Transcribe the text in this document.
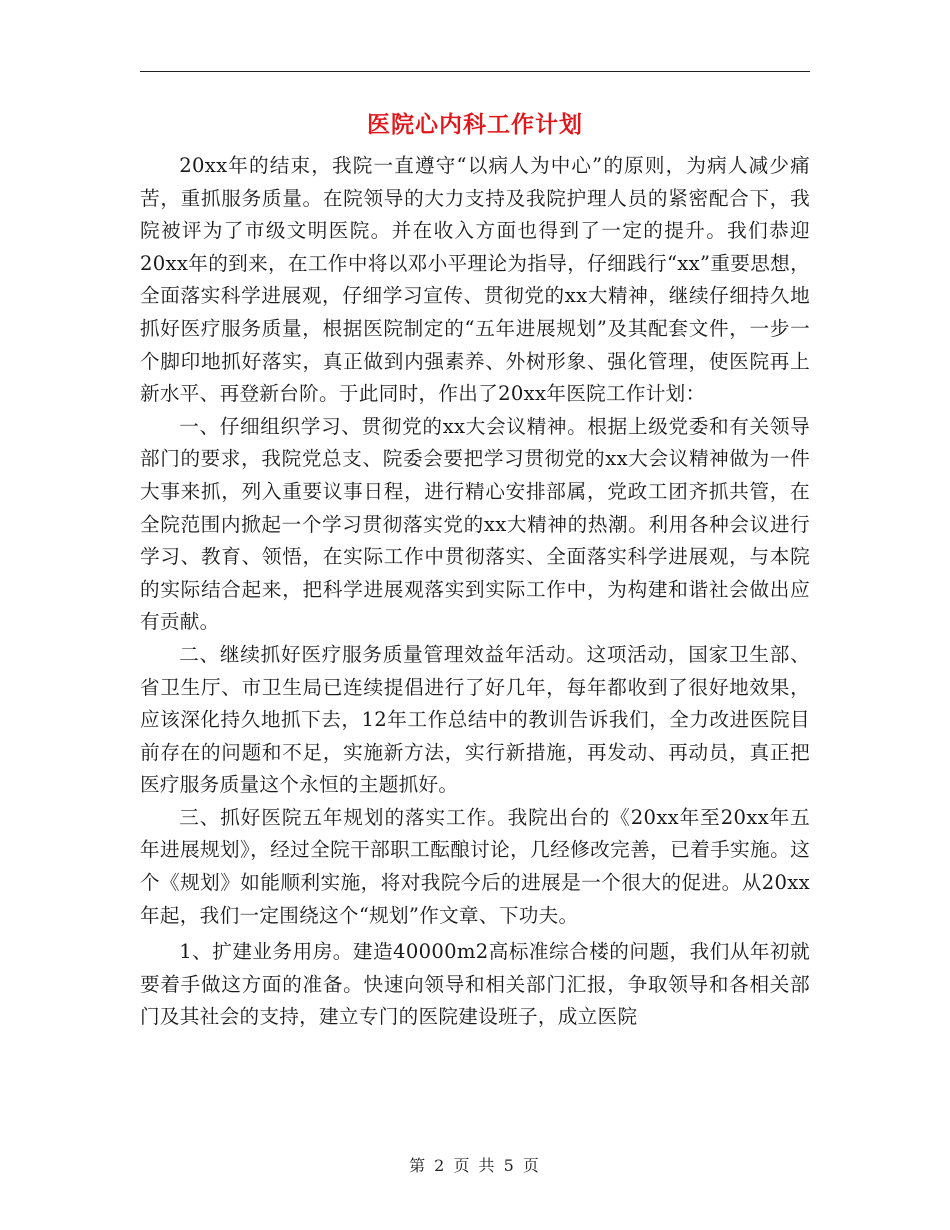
医院心内科工作计划

20xx年的结束，我院一直遵守“以病人为中心”的原则，为病人减少痛苦，重抓服务质量。在院领导的大力支持及我院护理人员的紧密配合下，我院被评为了市级文明医院。并在收入方面也得到了一定的提升。我们恭迎20xx年的到来，在工作中将以邓小平理论为指导，仔细践行“xx”重要思想，全面落实科学进展观，仔细学习宣传、贯彻党的xx大精神，继续仔细持久地抓好医疗服务质量，根据医院制定的“五年进展规划”及其配套文件，一步一个脚印地抓好落实，真正做到内强素养、外树形象、强化管理，使医院再上新水平、再登新台阶。于此同时，作出了20xx年医院工作计划：

一、仔细组织学习、贯彻党的xx大会议精神。根据上级党委和有关领导部门的要求，我院党总支、院委会要把学习贯彻党的xx大会议精神做为一件大事来抓，列入重要议事日程，进行精心安排部属，党政工团齐抓共管，在全院范围内掀起一个学习贯彻落实党的xx大精神的热潮。利用各种会议进行学习、教育、领悟，在实际工作中贯彻落实、全面落实科学进展观，与本院的实际结合起来，把科学进展观落实到实际工作中，为构建和谐社会做出应有贡献。

二、继续抓好医疗服务质量管理效益年活动。这项活动，国家卫生部、省卫生厅、市卫生局已连续提倡进行了好几年，每年都收到了很好地效果，应该深化持久地抓下去，12年工作总结中的教训告诉我们，全力改进医院目前存在的问题和不足，实施新方法，实行新措施，再发动、再动员，真正把医疗服务质量这个永恒的主题抓好。

三、抓好医院五年规划的落实工作。我院出台的《20xx年至20xx年五年进展规划》，经过全院干部职工酝酿讨论，几经修改完善，已着手实施。这个《规划》如能顺利实施，将对我院今后的进展是一个很大的促进。从20xx年起，我们一定围绕这个“规划”作文章、下功夫。

1、扩建业务用房。建造40000m2高标准综合楼的问题，我们从年初就要着手做这方面的准备。快速向领导和相关部门汇报，争取领导和各相关部门及其社会的支持，建立专门的医院建设班子，成立医院

第 2 页 共 5 页
